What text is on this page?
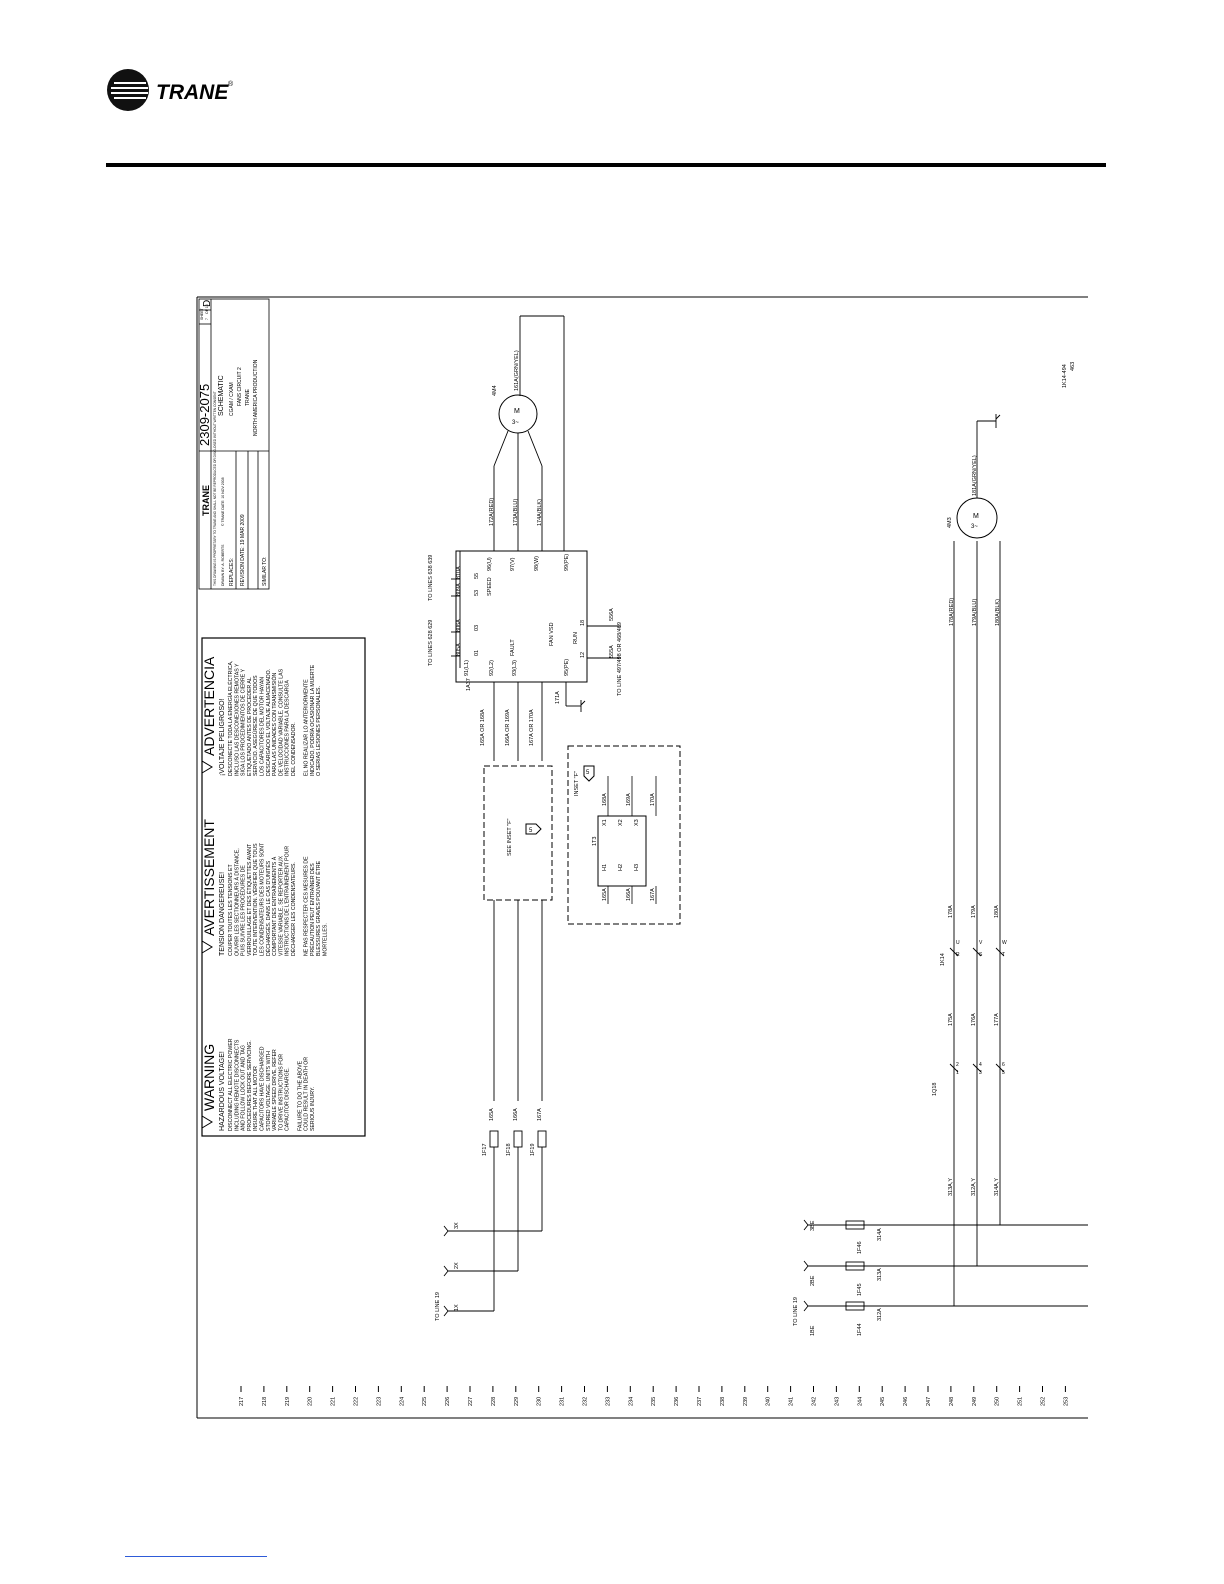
TRANE ®
TRANE THIS DRAWING IS PROPRIETARY TO TRANE AND SHALL NOT BE REPRODUCED OR DISCLOSED WITHOUT WRITTEN CONSENT DRAWN BY: A. ROBERTS
© TRANE DATE: 10 NOV 2008
REPLACES: REVISION DATE: 19 MAR 2009	SIMILAR TO:
2309-2075
SHEET 7
OF 10
D
SCHEMATIC CGAM / CXAM FANS CIRCUIT 2 TRANE NORTH AMERICA PRODUCTION
WARNING HAZARDOUS VOLTAGE! DISCONNECT ALL ELECTRIC POWER INCLUDING REMOTE DISCONNECTS AND FOLLOW LOCK OUT AND TAG PROCEDURES BEFORE SERVICING. INSURE THAT ALL MOTOR CAPACITORS HAVE DISCHARGED STORED VOLTAGE. UNITS WITH VARIABLE SPEED DRIVE, REFER TO DRIVE INSTRUCTIONS FOR CAPACITOR DISCHARGE. FAILURE TO DO THE ABOVE COULD RESULT IN DEATH OR SERIOUS INJURY.
AVERTISSEMENT TENSION DANGEREUSE! COUPER TOUTES LES TENSIONS ET OUVRIR LES SECTIONNEURS À DISTANCE, PUIS SUIVRE LES PROCÉDURES DE VERROUILLAGE ET DES ÉTIQUETTES AVANT TOUTE INTERVENTION. VÉRIFIER QUE TOUS LES CONDENSATEURS DES MOTEURS SONT DÉCHARGÉS. DANS LE CAS D'UNITÉS COMPORTANT DES ENTRAÎNEMENTS À VITESSE VARIABLE, SE REPORTER AUX INSTRUCTIONS DE L'ENTRAÎNEMENT POUR DÉCHARGER LES CONDENSATEURS. NE PAS RESPECTER CES MESURES DE PRÉCAUTION PEUT ENTRAÎNER DES BLESSURES GRAVES POUVANT ÊTRE MORTELLES.
ADVERTENCIA ¡VOLTAJE PELIGROSO! DESCONECTE TODA LA ENERGÍA ELÉCTRICA, INCLUSO LAS DESCONEXIONES REMOTAS Y SIGA LOS PROCEDIMIENTOS DE CIERRE Y ETIQUETADO ANTES DE PROCEDER AL SERVICIO. ASEGÚRESE DE QUE TODOS LOS CAPACITORES DEL MOTOR HAYAN DESCARGADO EL VOLTAJE ALMACENADO. PARA LAS UNIDADES CON TRANSMISIÓN DE VELOCIDAD VARIABLE, CONSULTE LAS INSTRUCCIONES PARA LA DESCARGA DEL CONDENSADOR. EL NO REALIZAR LO ANTERIORMENTE INDICADO, PODRÍA OCASIONAR LA MUERTE O SERIAS LESIONES PERSONALES.
FAN VSD
FAULT
SPEED
RUN
1A37
91(L1)	92(L2)	93(L3)	95(PE)
96(U)	97(V)	98(W)	99(PE)
01
03
53
55
12
18
805A
806A
809A
810A
TO LINES 628 629
TO LINES 638 639
555A
556A
TO LINE 497/498 OR 468/469
165A OR 168A	166A OR 169A	167A OR 170A
171A
M
3~
4M4
172A(RED)	173A(BLU)	174A(BLK)
161A(GRN/YEL)
SEE INSET "F"	5
INSET "F" 5
1T3
H1 H2 H3
X1 X2 X3
165A	166A	167A
168A	169A	170A
TO LINE 19 1X
2X
3X
1F17	1F18	1F19
165A	166A	167A
TO LINE 19
1BE
2BE
3BE
1F44
1F45
1F46
312A
313A
314A
313A,Y	312A,Y	314A,Y
1Q18
175A	176A	177A
1K14
178A	179A	180A
1
2
3
4
5
6
R
U
S
V
T
W
M
3~
4M3
178A(RED)	179A(BLU)	180A(BLK)
181A(GRN/YEL)
1K14-494 463
217	218	219	220	221	222	223	224	225	226	227	228	229	230	231	232	233	234	235	236	237	238	239	240	241	242	243	244	245	246	247	248	249	250	251	252	253
